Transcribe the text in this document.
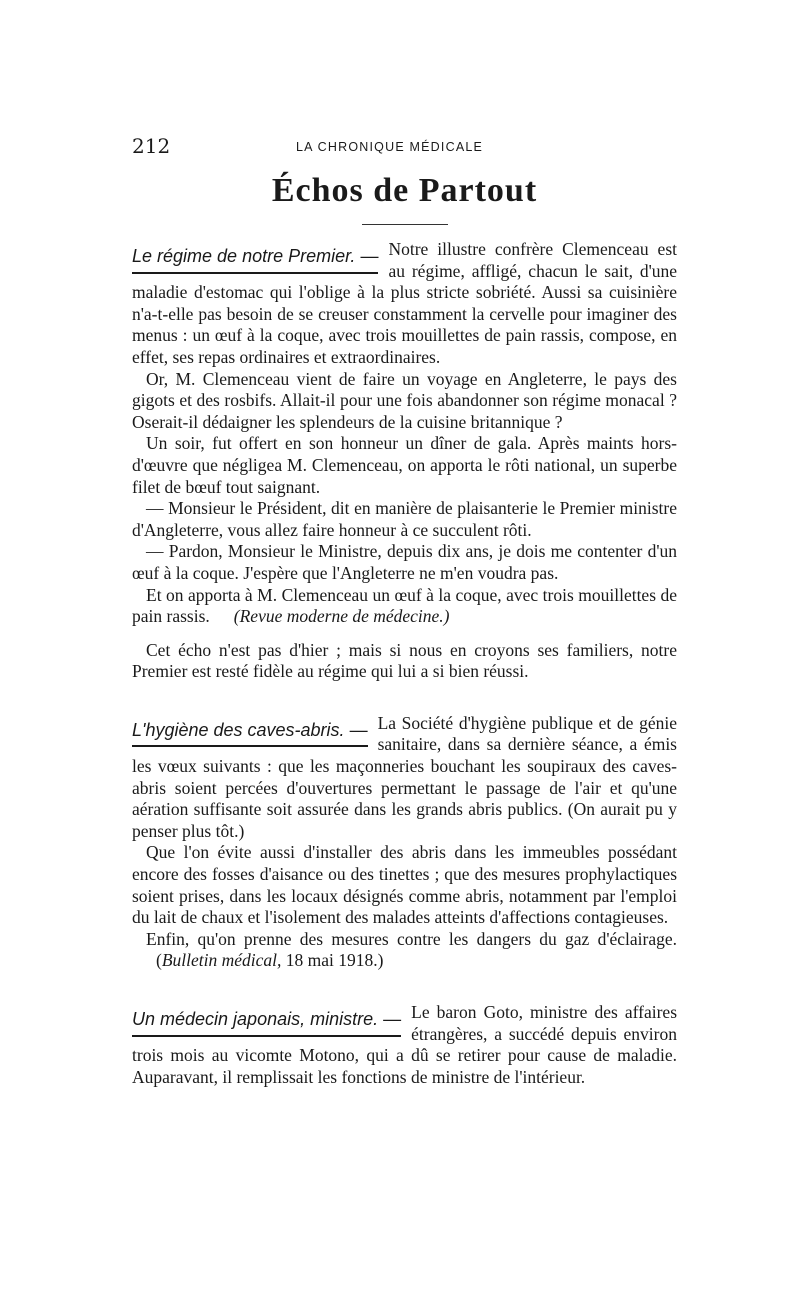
212	LA CHRONIQUE MÉDICALE
Échos de Partout
Le régime de notre Premier. — Notre illustre confrère Clemenceau est au régime, affligé, chacun le sait, d'une maladie d'estomac qui l'oblige à la plus stricte sobriété. Aussi sa cuisinière n'a-t-elle pas besoin de se creuser constamment la cervelle pour imaginer des menus : un œuf à la coque, avec trois mouillettes de pain rassis, compose, en effet, ses repas ordinaires et extraordinaires.

Or, M. Clemenceau vient de faire un voyage en Angleterre, le pays des gigots et des rosbifs. Allait-il pour une fois abandonner son régime monacal ? Oserait-il dédaigner les splendeurs de la cuisine britannique ?

Un soir, fut offert en son honneur un dîner de gala. Après maints hors-d'œuvre que négligea M. Clemenceau, on apporta le rôti national, un superbe filet de bœuf tout saignant.

— Monsieur le Président, dit en manière de plaisanterie le Premier ministre d'Angleterre, vous allez faire honneur à ce succulent rôti.

— Pardon, Monsieur le Ministre, depuis dix ans, je dois me contenter d'un œuf à la coque. J'espère que l'Angleterre ne m'en voudra pas.

Et on apporta à M. Clemenceau un œuf à la coque, avec trois mouillettes de pain rassis. (Revue moderne de médecine.)

Cet écho n'est pas d'hier ; mais si nous en croyons ses familiers, notre Premier est resté fidèle au régime qui lui a si bien réussi.

L'hygiène des caves-abris. — La Société d'hygiène publique et de génie sanitaire, dans sa dernière séance, a émis les vœux suivants : que les maçonneries bouchant les soupiraux des caves-abris soient percées d'ouvertures permettant le passage de l'air et qu'une aération suffisante soit assurée dans les grands abris publics. (On aurait pu y penser plus tôt.)

Que l'on évite aussi d'installer des abris dans les immeubles possédant encore des fosses d'aisance ou des tinettes ; que des mesures prophylactiques soient prises, dans les locaux désignés comme abris, notamment par l'emploi du lait de chaux et l'isolement des malades atteints d'affections contagieuses.

Enfin, qu'on prenne des mesures contre les dangers du gaz d'éclairage.(Bulletin médical, 18 mai 1918.)

Un médecin japonais, ministre. — Le baron Goto, ministre des affaires étrangères, a succédé depuis environ trois mois au vicomte Motono, qui a dû se retirer pour cause de maladie. Auparavant, il remplissait les fonctions de ministre de l'intérieur.
